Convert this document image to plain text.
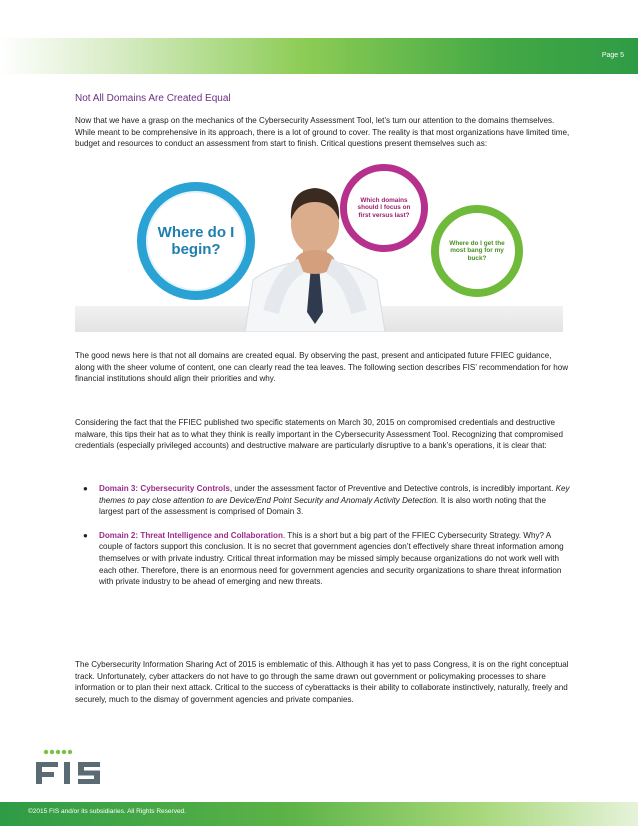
Page 5
Not All Domains Are Created Equal

Now that we have a grasp on the mechanics of the Cybersecurity Assessment Tool, let’s turn our attention to the domains themselves. While meant to be comprehensive in its approach, there is a lot of ground to cover. The reality is that most organizations have limited time, budget and resources to conduct an assessment from start to finish. Critical questions present themselves such as:

Where do I begin?
Which domains should I focus on first versus last?
Where do I get the most bang for my buck?

The good news here is that not all domains are created equal. By observing the past, present and anticipated future FFIEC guidance, along with the sheer volume of content, one can clearly read the tea leaves. The following section describes FIS’ recommendation for how financial institutions should align their priorities and why.

Considering the fact that the FFIEC published two specific statements on March 30, 2015 on compromised credentials and destructive malware, this tips their hat as to what they think is really important in the Cybersecurity Assessment Tool. Recognizing that compromised credentials (especially privileged accounts) and destructive malware are particularly disruptive to a bank’s operations, it is clear that:

● Domain 3: Cybersecurity Controls, under the assessment factor of Preventive and Detective controls, is incredibly important. Key themes to pay close attention to are Device/End Point Security and Anomaly Activity Detection. It is also worth noting that the largest part of the assessment is comprised of Domain 3.
● Domain 2: Threat Intelligence and Collaboration. This is a short but a big part of the FFIEC Cybersecurity Strategy. Why? A couple of factors support this conclusion. It is no secret that government agencies don’t effectively share threat information among themselves or with private industry. Critical threat information may be missed simply because organizations do not work well with each other. Therefore, there is an enormous need for government agencies and security organizations to share threat information with private industry to be ahead of emerging and new threats.

The Cybersecurity Information Sharing Act of 2015 is emblematic of this. Although it has yet to pass Congress, it is on the right conceptual track. Unfortunately, cyber attackers do not have to go through the same drawn out government or policymaking processes to share information or to plan their next attack. Critical to the success of cyberattacks is their ability to collaborate instinctively, naturally, freely and securely, much to the dismay of government agencies and private companies.

©2015 FIS and/or its subsidiaries. All Rights Reserved.
